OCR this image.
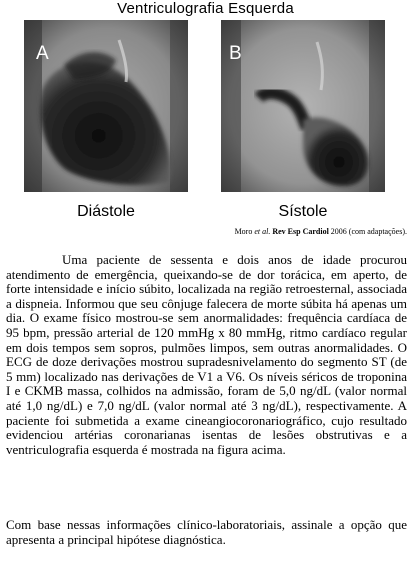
Ventriculografia Esquerda
A	B
Diástole	Sístole
Moro et al. Rev Esp Cardiol 2006 (com adaptações).

Uma paciente de sessenta e dois anos de idade procurou atendimento de emergência, queixando-se de dor torácica, em aperto, de forte intensidade e início súbito, localizada na região retroesternal, associada a dispneia. Informou que seu cônjuge falecera de morte súbita há apenas um dia. O exame físico mostrou-se sem anormalidades: frequência cardíaca de 95 bpm, pressão arterial de 120 mmHg x 80 mmHg, ritmo cardíaco regular em dois tempos sem sopros, pulmões limpos, sem outras anormalidades. O ECG de doze derivações mostrou supradesnivelamento do segmento ST (de 5 mm) localizado nas derivações de V1 a V6. Os níveis séricos de troponina I e CKMB massa, colhidos na admissão, foram de 5,0 ng/dL (valor normal até 1,0 ng/dL) e 7,0 ng/dL (valor normal até 3 ng/dL), respectivamente. A paciente foi submetida a exame cineangiocoronariográfico, cujo resultado evidenciou artérias coronarianas isentas de lesões obstrutivas e a ventriculografia esquerda é mostrada na figura acima.

Com base nessas informações clínico-laboratoriais, assinale a opção que apresenta a principal hipótese diagnóstica.
